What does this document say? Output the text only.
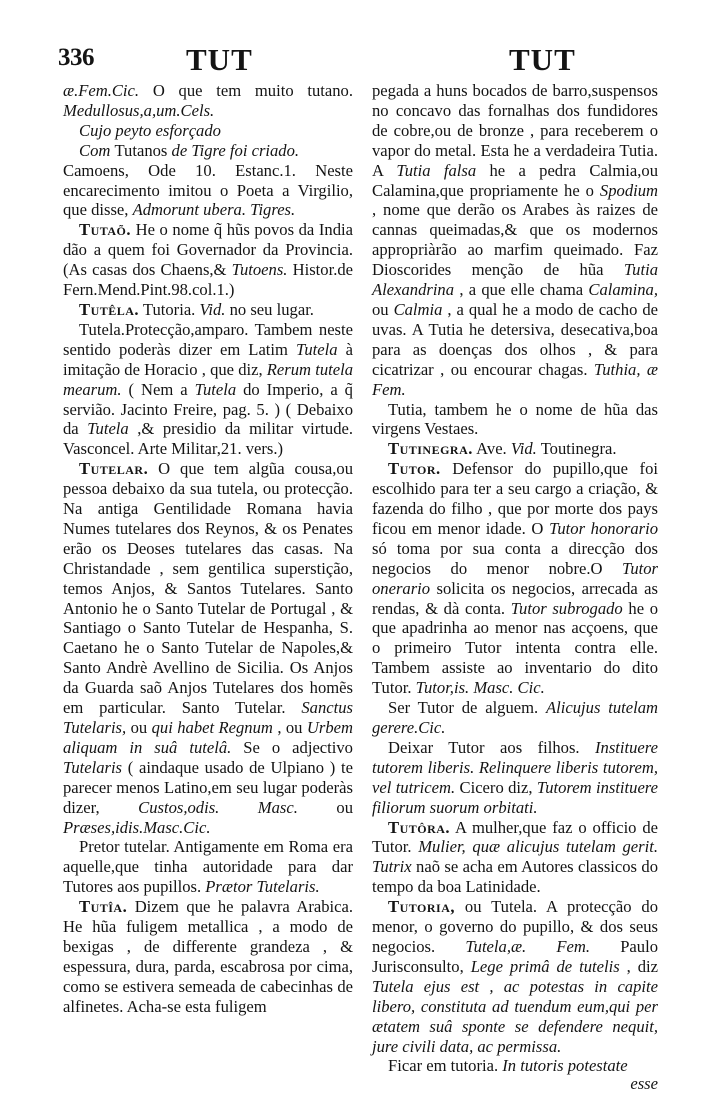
336	TUT	TUT

æ.Fem.Cic. O que tem muito tutano. Medullosus,a,um.Cels.

Cujo peyto esforçado

Com Tutanos de Tigre foi criado.

Camoens, Ode 10. Estanc.1. Neste encarecimento imitou o Poeta a Virgilio, que disse, Admorunt ubera. Tigres.

Tutaõ. He o nome q̃ hũs povos da India dão a quem foi Governador da Provincia. (As casas dos Chaens,& Tutoens. Histor.de Fern.Mend.Pint.98.col.1.)

Tutêla. Tutoria. Vid. no seu lugar.

Tutela.Protecção,amparo. Tambem neste sentido poderàs dizer em Latim Tutela à imitação de Horacio , que diz, Rerum tutela mearum. ( Nem a Tutela do Imperio, a q̃ servião. Jacinto Freire, pag. 5. ) ( Debaixo da Tutela ,& presidio da militar virtude. Vasconcel. Arte Militar,21. vers.)

Tutelar. O que tem algũa cousa,ou pessoa debaixo da sua tutela, ou protecção. Na antiga Gentilidade Romana havia Numes tutelares dos Reynos, & os Penates erão os Deoses tutelares das casas. Na Christandade , sem gentilica superstição, temos Anjos, & Santos Tutelares. Santo Antonio he o Santo Tutelar de Portugal , & Santiago o Santo Tutelar de Hespanha, S. Caetano he o Santo Tutelar de Napoles,& Santo Andrè Avellino de Sicilia. Os Anjos da Guarda saõ Anjos Tutelares dos homẽs em particular. Santo Tutelar. Sanctus Tutelaris, ou qui habet Regnum , ou Urbem aliquam in suâ tutelâ. Se o adjectivo Tutelaris ( aindaque usado de Ulpiano ) te parecer menos Latino,em seu lugar poderàs dizer, Custos,odis. Masc. ou Præses,idis.Masc.Cic.

Pretor tutelar. Antigamente em Roma era aquelle,que tinha autoridade para dar Tutores aos pupillos. Prætor Tutelaris.

Tutîa. Dizem que he palavra Arabica. He hũa fuligem metallica , a modo de bexigas , de differente grandeza , & espessura, dura, parda, escabrosa por cima, como se estivera semeada de cabecinhas de alfinetes. Acha-se esta fuligem

pegada a huns bocados de barro,suspensos no concavo das fornalhas dos fundidores de cobre,ou de bronze , para receberem o vapor do metal. Esta he a verdadeira Tutia. A Tutia falsa he a pedra Calmia,ou Calamina,que propriamente he o Spodium , nome que derão os Arabes às raizes de cannas queimadas,& que os modernos appropriàrão ao marfim queimado. Faz Dioscorides menção de hũa Tutia Alexandrina , a que elle chama Calamina, ou Calmia , a qual he a modo de cacho de uvas. A Tutia he detersiva, desecativa,boa para as doenças dos olhos , & para cicatrizar , ou encourar chagas. Tuthia, æ Fem.

Tutia, tambem he o nome de hũa das virgens Vestaes.

Tutinegra. Ave. Vid. Toutinegra.

Tutor. Defensor do pupillo,que foi escolhido para ter a seu cargo a criação, & fazenda do filho , que por morte dos pays ficou em menor idade. O Tutor honorario só toma por sua conta a direcção dos negocios do menor nobre.O Tutor onerario solicita os negocios, arrecada as rendas, & dà conta. Tutor subrogado he o que apadrinha ao menor nas acçoens, que o primeiro Tutor intenta contra elle. Tambem assiste ao inventario do dito Tutor. Tutor,is. Masc. Cic.

Ser Tutor de alguem. Alicujus tutelam gerere.Cic.

Deixar Tutor aos filhos. Instituere tutorem liberis. Relinquere liberis tutorem, vel tutricem. Cicero diz, Tutorem instituere filiorum suorum orbitati.

Tutôra. A mulher,que faz o officio de Tutor. Mulier, quæ alicujus tutelam gerit. Tutrix naõ se acha em Autores classicos do tempo da boa Latinidade.

Tutoria, ou Tutela. A protecção do menor, o governo do pupillo, & dos seus negocios. Tutela,æ. Fem. Paulo Jurisconsulto, Lege primâ de tutelis , diz Tutela ejus est , ac potestas in capite libero, constituta ad tuendum eum,qui per ætatem suâ sponte se defendere nequit, jure civili data, ac permissa.

Ficar em tutoria. In tutoris potestate

esse
